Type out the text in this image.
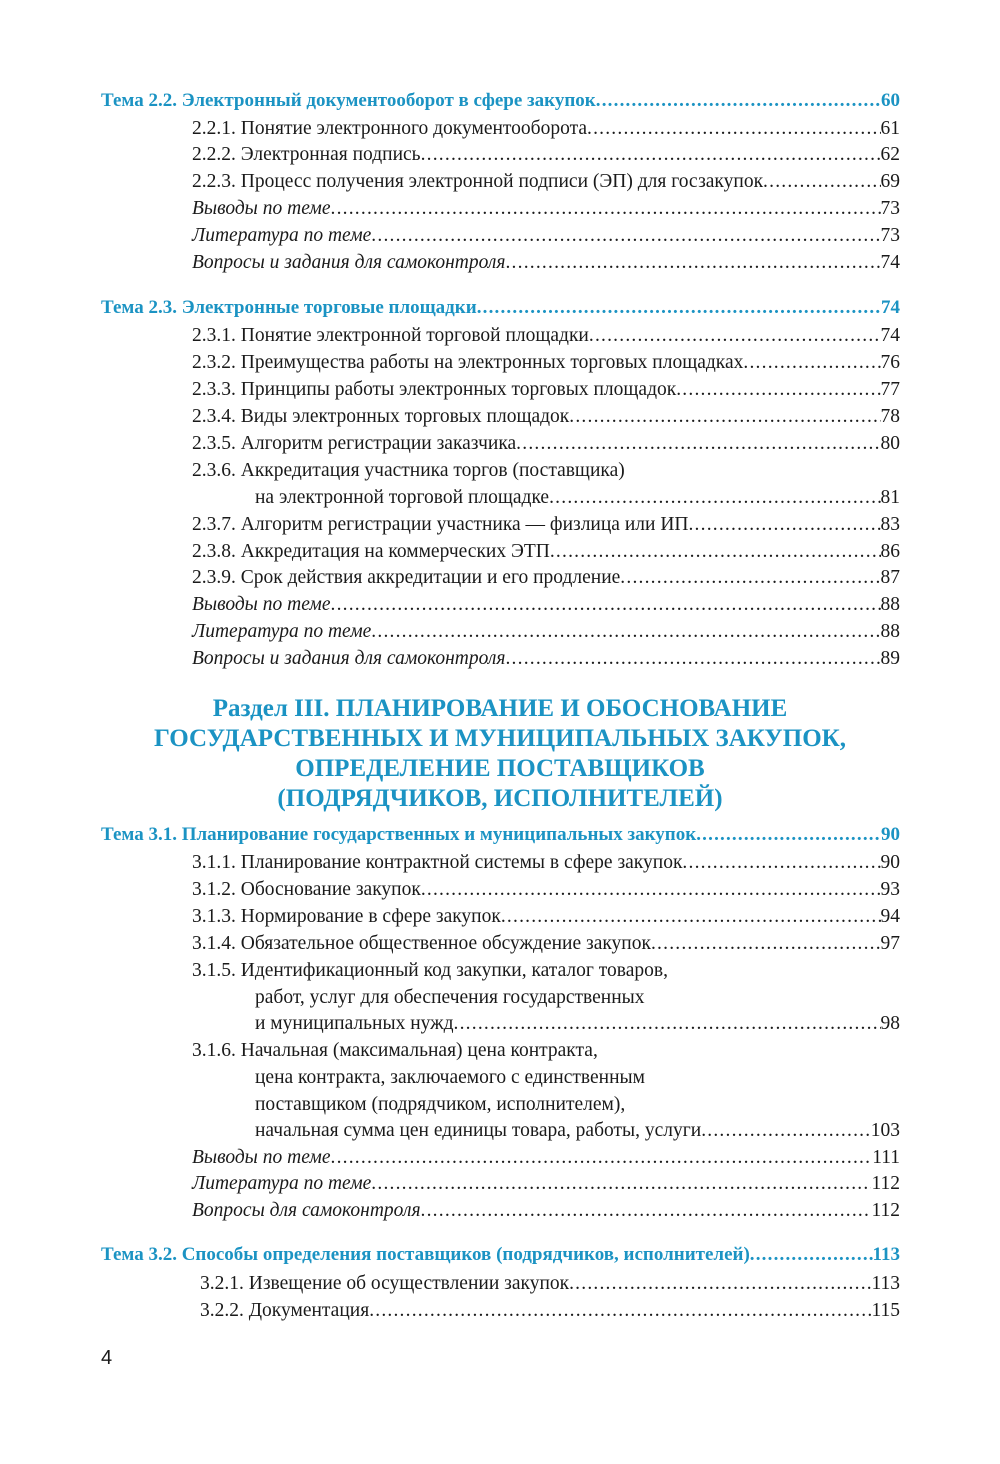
Тема 2.2. Электронный документооборот в сфере закупок .....	60
2.2.1. Понятие электронного документооборота .....	61
2.2.2. Электронная подпись .....	62
2.2.3. Процесс получения электронной подписи (ЭП) для госзакупок .....	69
Выводы по теме .....	73
Литература по теме .....	73
Вопросы и задания для самоконтроля .....	74
Тема 2.3. Электронные торговые площадки .....	74
2.3.1. Понятие электронной торговой площадки .....	74
2.3.2. Преимущества работы на электронных торговых площадках .....	76
2.3.3. Принципы работы электронных торговых площадок .....	77
2.3.4. Виды электронных торговых площадок .....	78
2.3.5. Алгоритм регистрации заказчика .....	80
2.3.6. Аккредитация участника торгов (поставщика)
на электронной торговой площадке .....	81
2.3.7. Алгоритм регистрации участника — физлица или ИП .....	83
2.3.8. Аккредитация на коммерческих ЭТП .....	86
2.3.9. Срок действия аккредитации и его продление .....	87
Выводы по теме .....	88
Литература по теме .....	88
Вопросы и задания для самоконтроля .....	89
Раздел III. ПЛАНИРОВАНИЕ И ОБОСНОВАНИЕ
ГОСУДАРСТВЕННЫХ И МУНИЦИПАЛЬНЫХ ЗАКУПОК,
ОПРЕДЕЛЕНИЕ ПОСТАВЩИКОВ
(ПОДРЯДЧИКОВ, ИСПОЛНИТЕЛЕЙ)
Тема 3.1. Планирование государственных и муниципальных закупок .....	90
3.1.1. Планирование контрактной системы в сфере закупок .....	90
3.1.2. Обоснование закупок .....	93
3.1.3. Нормирование в сфере закупок .....	94
3.1.4. Обязательное общественное обсуждение закупок .....	97
3.1.5. Идентификационный код закупки, каталог товаров,
работ, услуг для обеспечения государственных
и муниципальных нужд .....	98
3.1.6. Начальная (максимальная) цена контракта,
цена контракта, заключаемого с единственным
поставщиком (подрядчиком, исполнителем),
начальная сумма цен единицы товара, работы, услуги .....	103
Выводы по теме .....	111
Литература по теме .....	112
Вопросы для самоконтроля .....	112
Тема 3.2. Способы определения поставщиков (подрядчиков, исполнителей) .....	113
3.2.1. Извещение об осуществлении закупок .....	113
3.2.2. Документация .....	115
4
